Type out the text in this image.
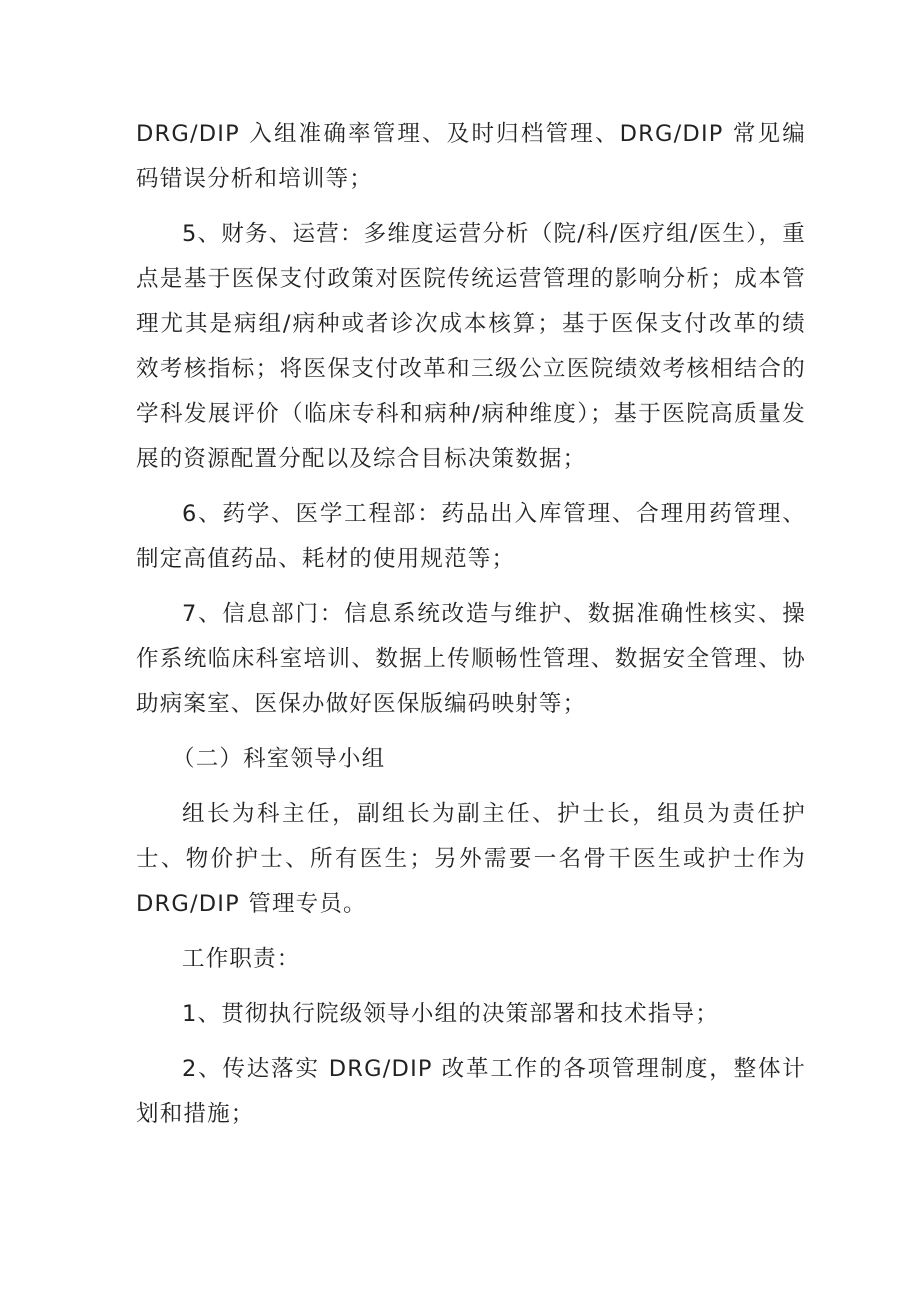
DRG/DIP 入组准确率管理、及时归档管理、DRG/DIP 常见编码错误分析和培训等；

5、财务、运营：多维度运营分析（院/科/医疗组/医生），重点是基于医保支付政策对医院传统运营管理的影响分析；成本管理尤其是病组/病种或者诊次成本核算；基于医保支付改革的绩效考核指标；将医保支付改革和三级公立医院绩效考核相结合的学科发展评价（临床专科和病种/病种维度）；基于医院高质量发展的资源配置分配以及综合目标决策数据；

6、药学、医学工程部：药品出入库管理、合理用药管理、制定高值药品、耗材的使用规范等；

7、信息部门：信息系统改造与维护、数据准确性核实、操作系统临床科室培训、数据上传顺畅性管理、数据安全管理、协助病案室、医保办做好医保版编码映射等；

（二）科室领导小组

组长为科主任，副组长为副主任、护士长，组员为责任护士、物价护士、所有医生；另外需要一名骨干医生或护士作为 DRG/DIP 管理专员。

工作职责：

1、贯彻执行院级领导小组的决策部署和技术指导；

2、传达落实 DRG/DIP 改革工作的各项管理制度，整体计划和措施；
